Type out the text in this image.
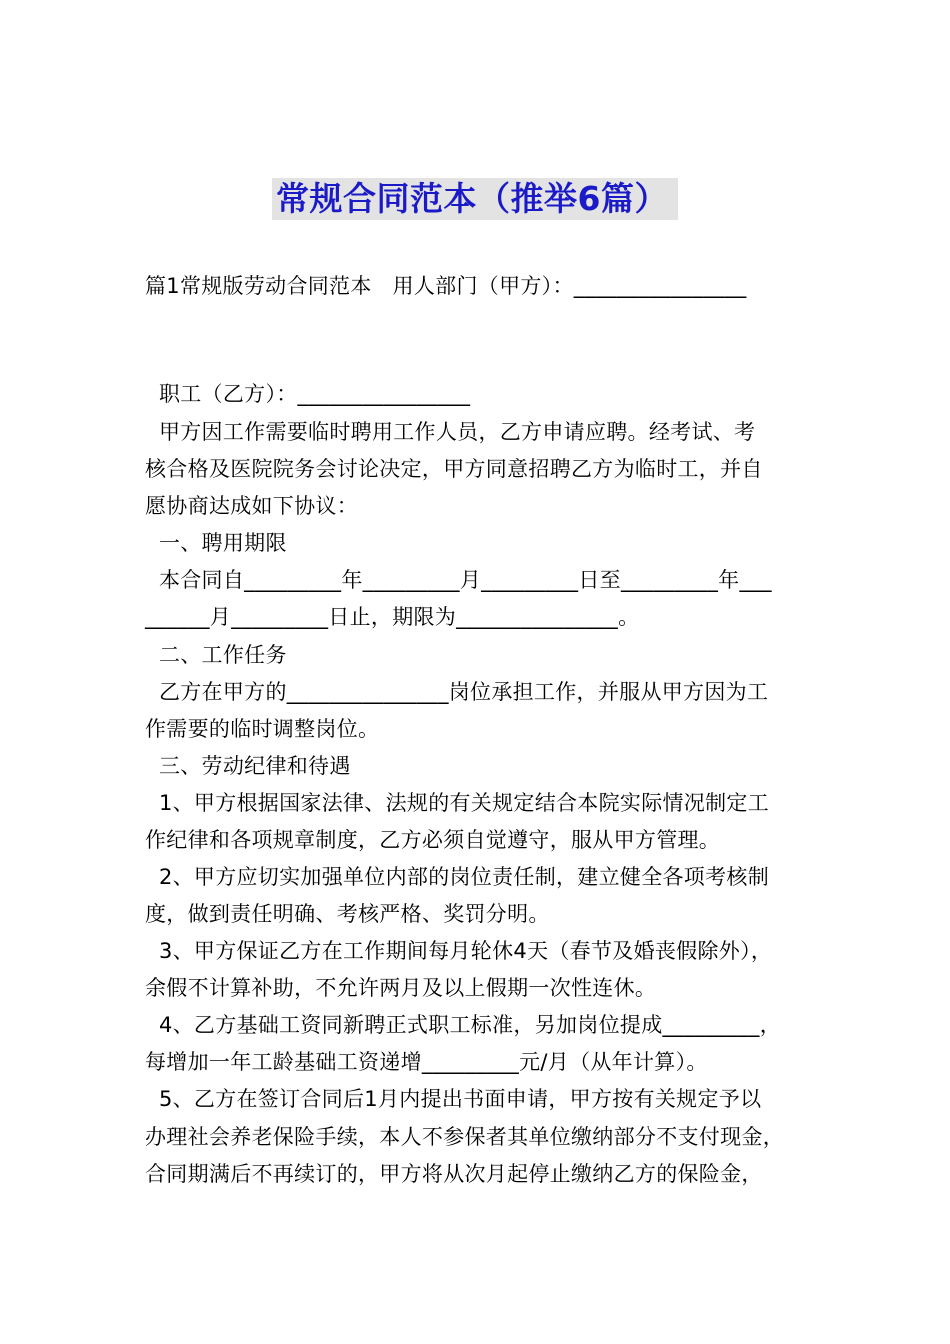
常规合同范本（推举6篇）
篇1常规版劳动合同范本   用人部门（甲方）：________________
职工（乙方）：________________
甲方因工作需要临时聘用工作人员，乙方申请应聘。经考试、考
核合格及医院院务会讨论决定，甲方同意招聘乙方为临时工，并自
愿协商达成如下协议：
一、聘用期限
本合同自_________年_________月_________日至_________年___
______月_________日止，期限为_______________。
二、工作任务
乙方在甲方的_______________岗位承担工作，并服从甲方因为工
作需要的临时调整岗位。
三、劳动纪律和待遇
1、甲方根据国家法律、法规的有关规定结合本院实际情况制定工
作纪律和各项规章制度，乙方必须自觉遵守，服从甲方管理。
2、甲方应切实加强单位内部的岗位责任制，建立健全各项考核制
度，做到责任明确、考核严格、奖罚分明。
3、甲方保证乙方在工作期间每月轮休4天（春节及婚丧假除外），
余假不计算补助，不允许两月及以上假期一次性连休。
4、乙方基础工资同新聘正式职工标准，另加岗位提成_________，
每增加一年工龄基础工资递增_________元/月（从年计算）。
5、乙方在签订合同后1月内提出书面申请，甲方按有关规定予以
办理社会养老保险手续，本人不参保者其单位缴纳部分不支付现金，
合同期满后不再续订的，甲方将从次月起停止缴纳乙方的保险金，
